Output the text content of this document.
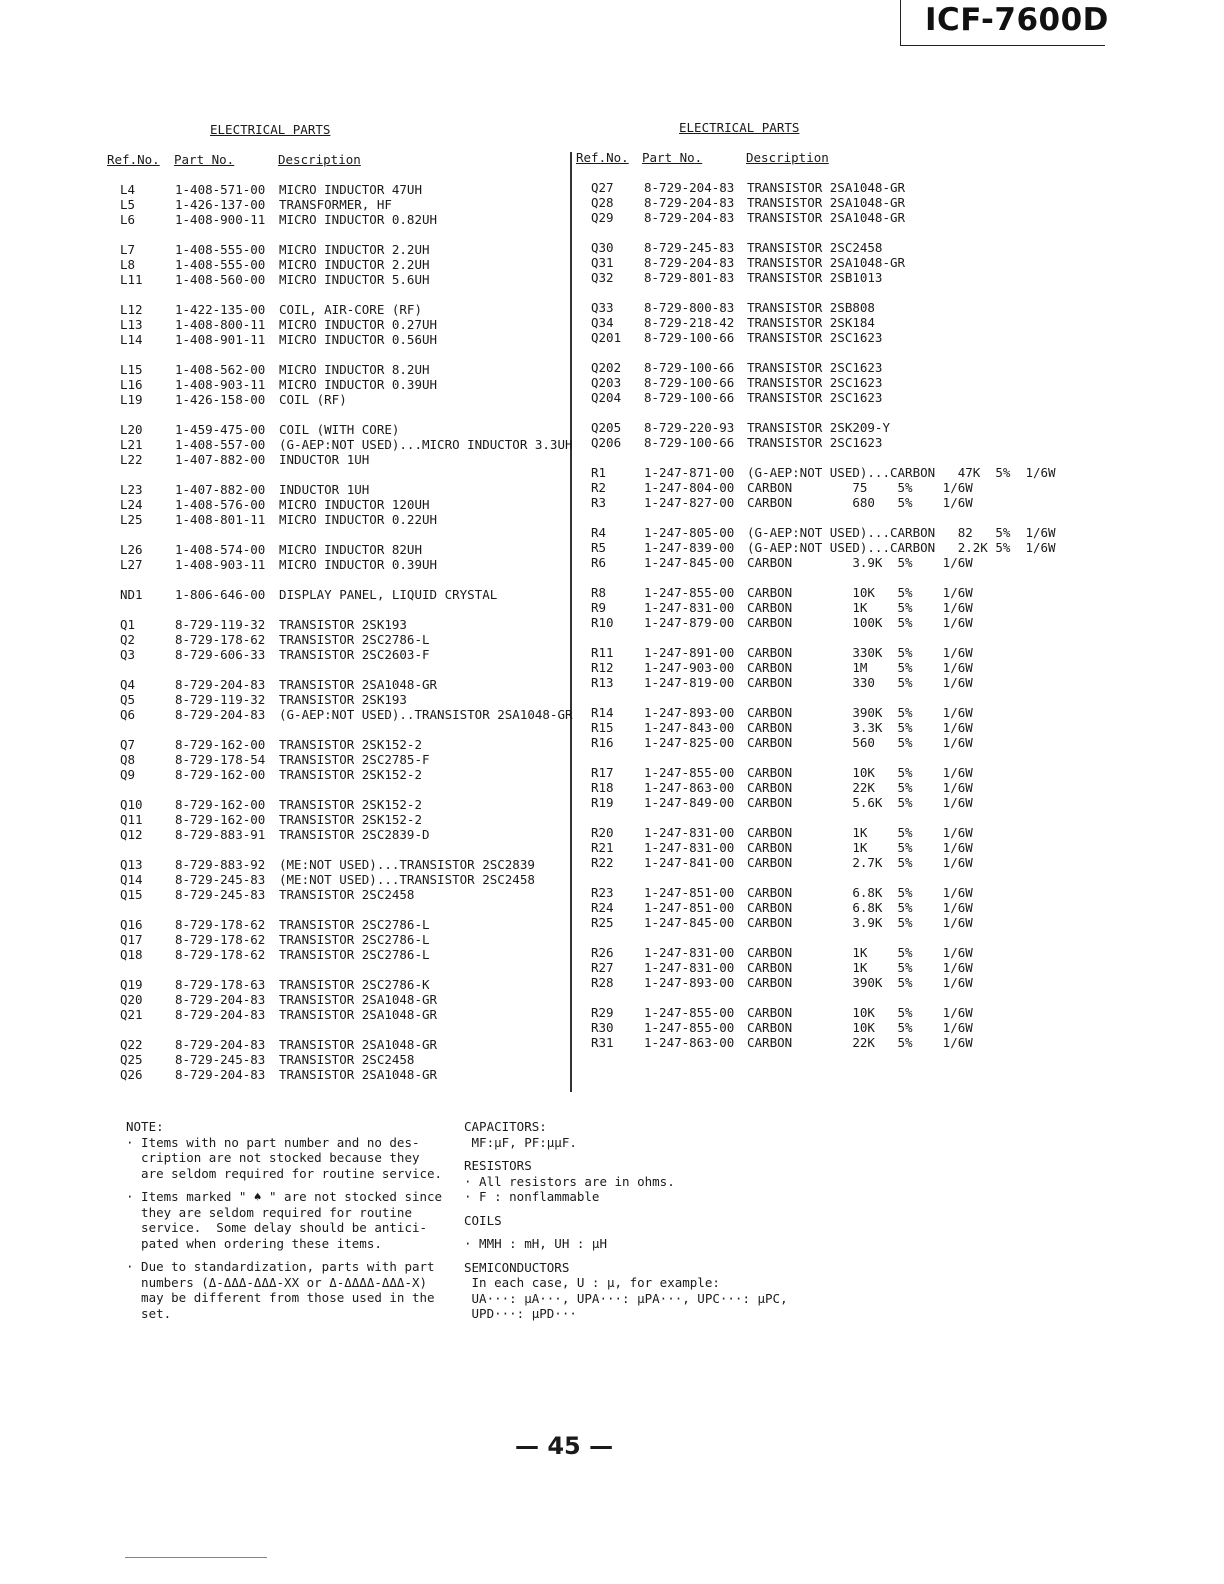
ICF-7600D
ELECTRICAL PARTS	ELECTRICAL PARTS
Ref.No. Part No.	Description	Ref.No. Part No.	Description
L4	1-408-571-00 MICRO INDUCTOR 47UH
L5	1-426-137-00 TRANSFORMER, HF
L6	1-408-900-11 MICRO INDUCTOR 0.82UH
L7	1-408-555-00 MICRO INDUCTOR 2.2UH
L8	1-408-555-00 MICRO INDUCTOR 2.2UH
L11	1-408-560-00 MICRO INDUCTOR 5.6UH
L12	1-422-135-00 COIL, AIR-CORE (RF)
L13	1-408-800-11 MICRO INDUCTOR 0.27UH
L14	1-408-901-11 MICRO INDUCTOR 0.56UH
L15	1-408-562-00 MICRO INDUCTOR 8.2UH
L16	1-408-903-11 MICRO INDUCTOR 0.39UH
L19	1-426-158-00 COIL (RF)
L20	1-459-475-00 COIL (WITH CORE)
L21	1-408-557-00 (G-AEP:NOT USED)...MICRO INDUCTOR 3.3UH
L22	1-407-882-00 INDUCTOR 1UH
L23	1-407-882-00 INDUCTOR 1UH
L24	1-408-576-00 MICRO INDUCTOR 120UH
L25	1-408-801-11 MICRO INDUCTOR 0.22UH
L26	1-408-574-00 MICRO INDUCTOR 82UH
L27	1-408-903-11 MICRO INDUCTOR 0.39UH
ND1	1-806-646-00 DISPLAY PANEL, LIQUID CRYSTAL
Q1	8-729-119-32 TRANSISTOR 2SK193
Q2	8-729-178-62 TRANSISTOR 2SC2786-L
Q3	8-729-606-33 TRANSISTOR 2SC2603-F
Q4	8-729-204-83 TRANSISTOR 2SA1048-GR
Q5	8-729-119-32 TRANSISTOR 2SK193
Q6	8-729-204-83 (G-AEP:NOT USED)..TRANSISTOR 2SA1048-GR
Q7	8-729-162-00 TRANSISTOR 2SK152-2
Q8	8-729-178-54 TRANSISTOR 2SC2785-F
Q9	8-729-162-00 TRANSISTOR 2SK152-2
Q10	8-729-162-00 TRANSISTOR 2SK152-2
Q11	8-729-162-00 TRANSISTOR 2SK152-2
Q12	8-729-883-91 TRANSISTOR 2SC2839-D
Q13	8-729-883-92 (ME:NOT USED)...TRANSISTOR 2SC2839
Q14	8-729-245-83 (ME:NOT USED)...TRANSISTOR 2SC2458
Q15	8-729-245-83 TRANSISTOR 2SC2458
Q16	8-729-178-62 TRANSISTOR 2SC2786-L
Q17	8-729-178-62 TRANSISTOR 2SC2786-L
Q18	8-729-178-62 TRANSISTOR 2SC2786-L
Q19	8-729-178-63 TRANSISTOR 2SC2786-K
Q20	8-729-204-83 TRANSISTOR 2SA1048-GR
Q21	8-729-204-83 TRANSISTOR 2SA1048-GR
Q22	8-729-204-83 TRANSISTOR 2SA1048-GR
Q25	8-729-245-83 TRANSISTOR 2SC2458
Q26	8-729-204-83 TRANSISTOR 2SA1048-GR
Q27 8-729-204-83 TRANSISTOR 2SA1048-GR
Q28 8-729-204-83 TRANSISTOR 2SA1048-GR
Q29 8-729-204-83 TRANSISTOR 2SA1048-GR
Q30 8-729-245-83 TRANSISTOR 2SC2458
Q31 8-729-204-83 TRANSISTOR 2SA1048-GR
Q32 8-729-801-83 TRANSISTOR 2SB1013
Q33 8-729-800-83 TRANSISTOR 2SB808
Q34 8-729-218-42 TRANSISTOR 2SK184
Q201 8-729-100-66 TRANSISTOR 2SC1623
Q202 8-729-100-66 TRANSISTOR 2SC1623
Q203 8-729-100-66 TRANSISTOR 2SC1623
Q204 8-729-100-66 TRANSISTOR 2SC1623
Q205 8-729-220-93 TRANSISTOR 2SK209-Y
Q206 8-729-100-66 TRANSISTOR 2SC1623
R1	1-247-871-00 (G-AEP:NOT USED)...CARBON   47K  5%  1/6W
R2	1-247-804-00 CARBON        75    5%    1/6W
R3	1-247-827-00 CARBON        680   5%    1/6W
R4	1-247-805-00 (G-AEP:NOT USED)...CARBON   82   5%  1/6W
R5	1-247-839-00 (G-AEP:NOT USED)...CARBON   2.2K 5%  1/6W
R6	1-247-845-00 CARBON        3.9K  5%    1/6W
R8	1-247-855-00 CARBON        10K   5%    1/6W
R9	1-247-831-00 CARBON        1K    5%    1/6W
R10 1-247-879-00 CARBON        100K  5%    1/6W
R11 1-247-891-00 CARBON        330K  5%    1/6W
R12 1-247-903-00 CARBON        1M    5%    1/6W
R13 1-247-819-00 CARBON        330   5%    1/6W
R14 1-247-893-00 CARBON        390K  5%    1/6W
R15 1-247-843-00 CARBON        3.3K  5%    1/6W
R16 1-247-825-00 CARBON        560   5%    1/6W
R17 1-247-855-00 CARBON        10K   5%    1/6W
R18 1-247-863-00 CARBON        22K   5%    1/6W
R19 1-247-849-00 CARBON        5.6K  5%    1/6W
R20 1-247-831-00 CARBON        1K    5%    1/6W
R21 1-247-831-00 CARBON        1K    5%    1/6W
R22 1-247-841-00 CARBON        2.7K  5%    1/6W
R23 1-247-851-00 CARBON        6.8K  5%    1/6W
R24 1-247-851-00 CARBON        6.8K  5%    1/6W
R25 1-247-845-00 CARBON        3.9K  5%    1/6W
R26 1-247-831-00 CARBON        1K    5%    1/6W
R27 1-247-831-00 CARBON        1K    5%    1/6W
R28 1-247-893-00 CARBON        390K  5%    1/6W
R29 1-247-855-00 CARBON        10K   5%    1/6W
R30 1-247-855-00 CARBON        10K   5%    1/6W
R31 1-247-863-00 CARBON        22K   5%    1/6W

NOTE:

· Items with no part number and no des-

cription are not stocked because they

are seldom required for routine service.

· Items marked " ♠ " are not stocked since

they are seldom required for routine

service.  Some delay should be antici-

pated when ordering these items.

· Due to standardization, parts with part

numbers (Δ-ΔΔΔ-ΔΔΔ-XX or Δ-ΔΔΔΔ-ΔΔΔ-X)

may be different from those used in the

set.

CAPACITORS:

MF:μF, PF:μμF.

RESISTORS

· All resistors are in ohms.

· F : nonflammable

COILS

· MMH : mH, UH : μH

SEMICONDUCTORS

In each case, U : μ, for example:

UA···: μA···, UPA···: μPA···, UPC···: μPC,

UPD···: μPD···

— 45 —
